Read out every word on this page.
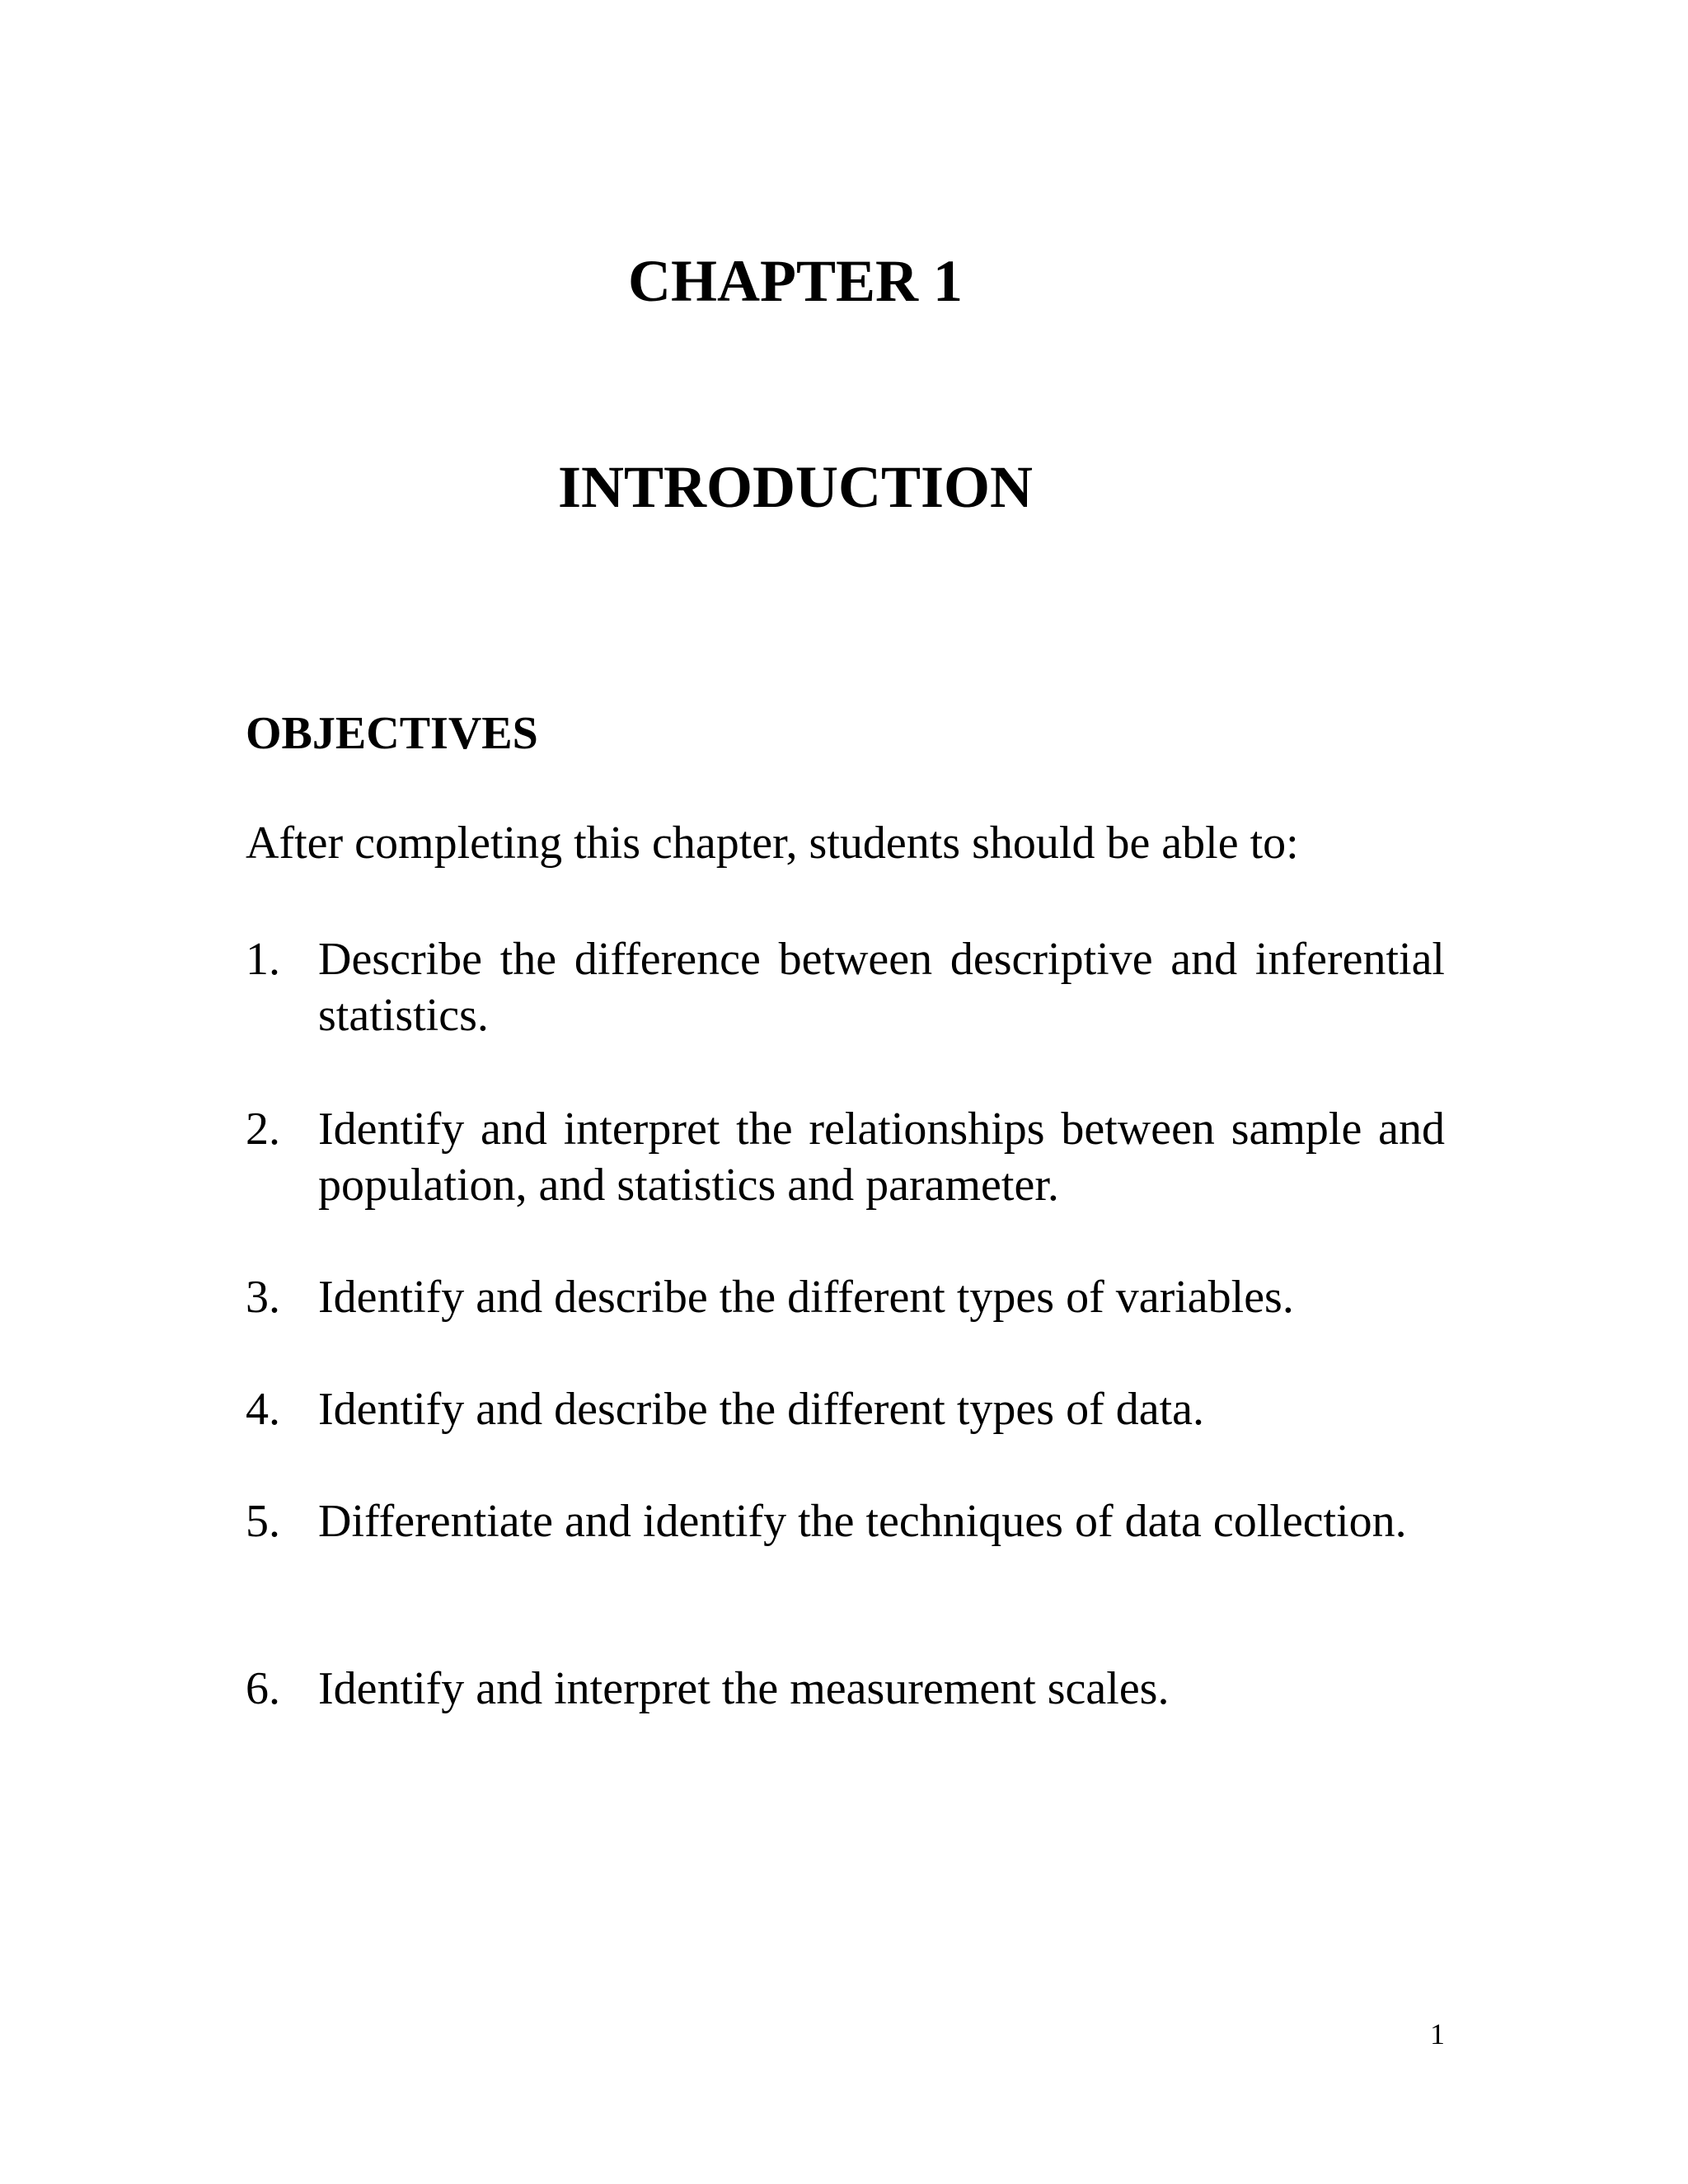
CHAPTER 1
INTRODUCTION
OBJECTIVES

After completing this chapter, students should be able to:

1. Describe the difference between descriptive and inferential statistics.
2. Identify and interpret the relationships between sample and population, and statistics and parameter.
3. Identify and describe the different types of variables.
4. Identify and describe the different types of data.
5. Differentiate and identify the techniques of data collection.
6. Identify and interpret the measurement scales.
1
